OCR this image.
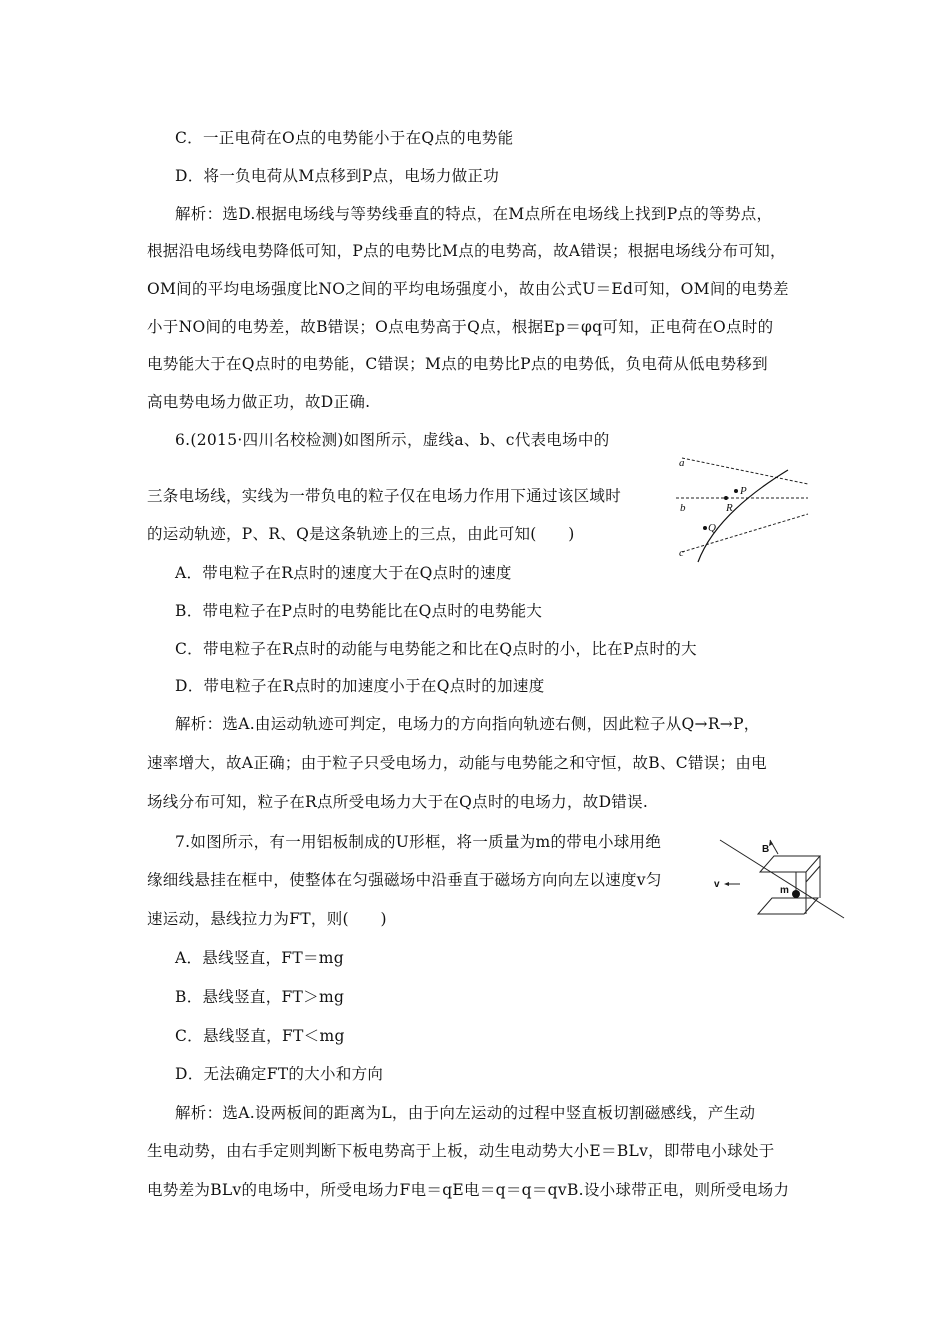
C．一正电荷在O点的电势能小于在Q点的电势能
D．将一负电荷从M点移到P点，电场力做正功
解析：选D.根据电场线与等势线垂直的特点，在M点所在电场线上找到P点的等势点，
根据沿电场线电势降低可知，P点的电势比M点的电势高，故A错误；根据电场线分布可知，
OM间的平均电场强度比NO之间的平均电场强度小，故由公式U＝Ed可知，OM间的电势差
小于NO间的电势差，故B错误；O点电势高于Q点，根据Ep＝φq可知，正电荷在O点时的
电势能大于在Q点时的电势能，C错误；M点的电势比P点的电势低，负电荷从低电势移到
高电势电场力做正功，故D正确.
6.(2015·四川名校检测)如图所示，虚线a、b、c代表电场中的
三条电场线，实线为一带负电的粒子仅在电场力作用下通过该区域时
的运动轨迹，P、R、Q是这条轨迹上的三点，由此可知(　　)
A．带电粒子在R点时的速度大于在Q点时的速度
B．带电粒子在P点时的电势能比在Q点时的电势能大
C．带电粒子在R点时的动能与电势能之和比在Q点时的小，比在P点时的大
D．带电粒子在R点时的加速度小于在Q点时的加速度
解析：选A.由运动轨迹可判定，电场力的方向指向轨迹右侧，因此粒子从Q→R→P，
速率增大，故A正确；由于粒子只受电场力，动能与电势能之和守恒，故B、C错误；由电
场线分布可知，粒子在R点所受电场力大于在Q点时的电场力，故D错误.
7.如图所示，有一用铝板制成的U形框，将一质量为m的带电小球用绝
缘细线悬挂在框中，使整体在匀强磁场中沿垂直于磁场方向向左以速度v匀
速运动，悬线拉力为FT，则(　　)
A．悬线竖直，FT＝mg
B．悬线竖直，FT＞mg
C．悬线竖直，FT＜mg
D．无法确定FT的大小和方向
解析：选A.设两板间的距离为L，由于向左运动的过程中竖直板切割磁感线，产生动
生电动势，由右手定则判断下板电势高于上板，动生电动势大小E＝BLv，即带电小球处于
电势差为BLv的电场中，所受电场力F电＝qE电＝q＝q＝qvB.设小球带正电，则所受电场力
a
b
c
P
R
Q
B
m
v
